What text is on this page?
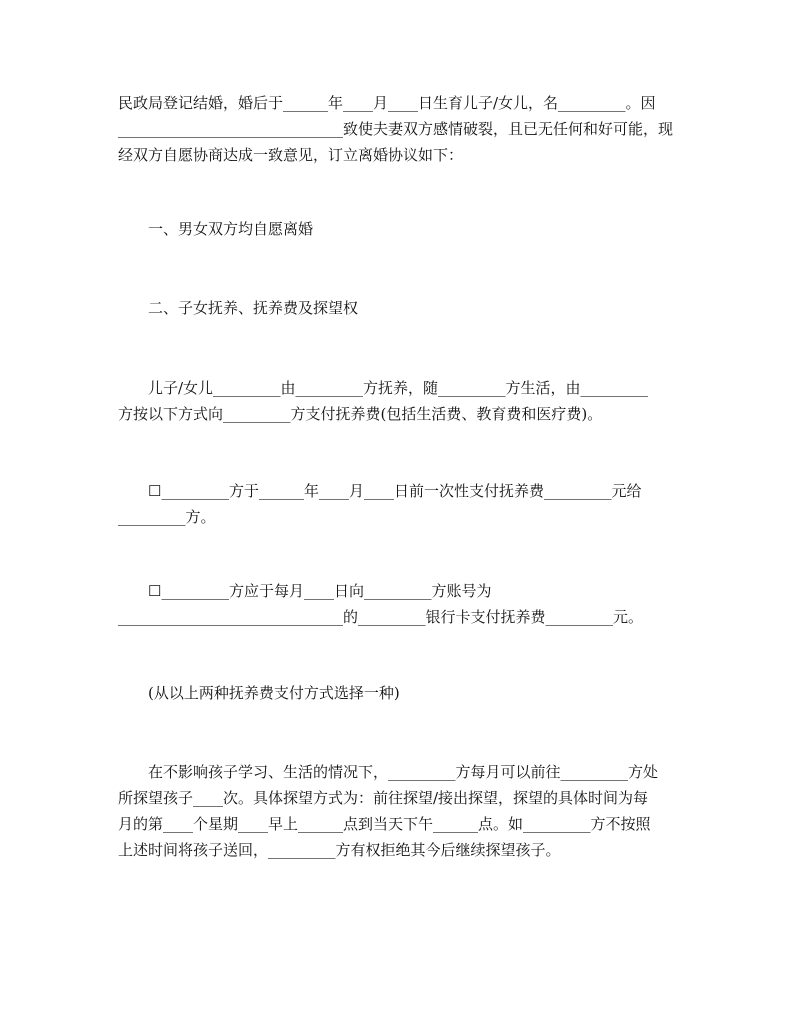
民政局登记结婚，婚后于______年____月____日生育儿子/女儿，名_________。因
______________________________致使夫妻双方感情破裂，且已无任何和好可能，现
经双方自愿协商达成一致意见，订立离婚协议如下：
一、男女双方均自愿离婚
二、子女抚养、抚养费及探望权
儿子/女儿_________由_________方抚养，随_________方生活，由_________
方按以下方式向_________方支付抚养费(包括生活费、教育费和医疗费)。
☐_________方于______年____月____日前一次性支付抚养费_________元给
_________方。
☐_________方应于每月____日向_________方账号为
______________________________的_________银行卡支付抚养费_________元。
(从以上两种抚养费支付方式选择一种)
在不影响孩子学习、生活的情况下，_________方每月可以前往_________方处
所探望孩子____次。具体探望方式为：前往探望/接出探望，探望的具体时间为每
月的第____个星期____早上______点到当天下午______点。如_________方不按照
上述时间将孩子送回，_________方有权拒绝其今后继续探望孩子。
